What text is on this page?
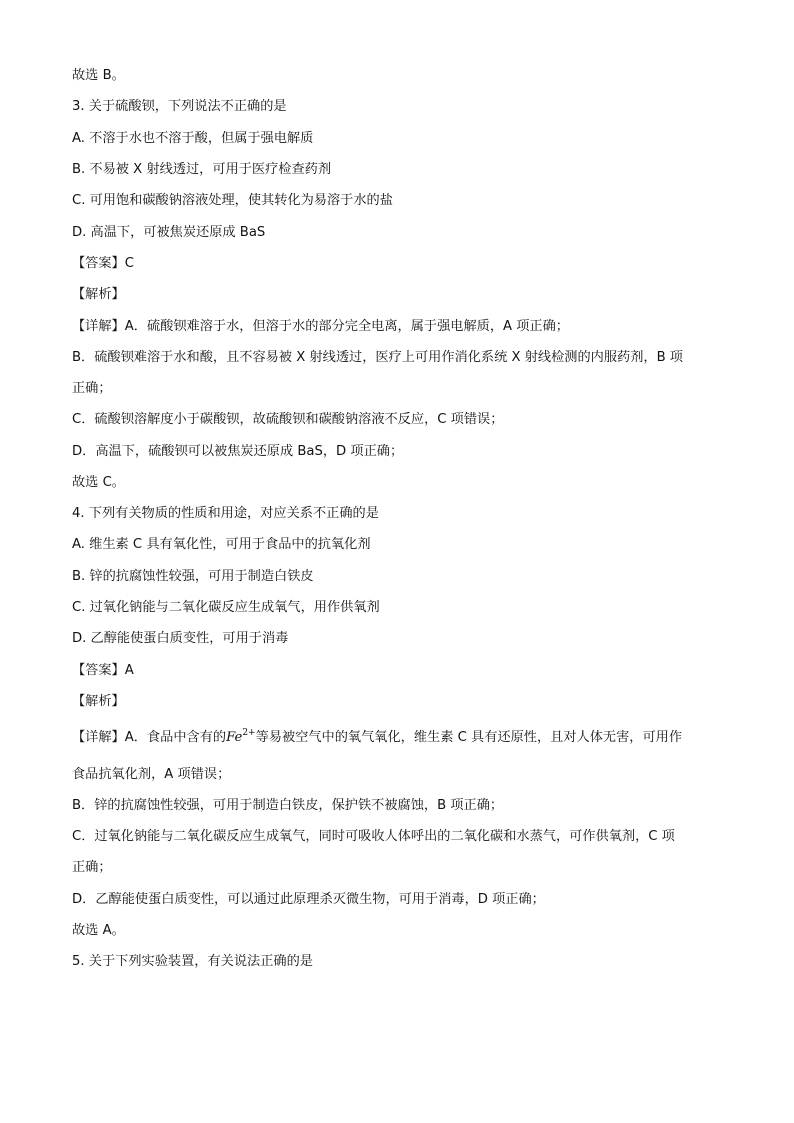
故选 B。
3. 关于硫酸钡，下列说法不正确的是
A. 不溶于水也不溶于酸，但属于强电解质
B. 不易被 X 射线透过，可用于医疗检查药剂
C. 可用饱和碳酸钠溶液处理，使其转化为易溶于水的盐
D. 高温下，可被焦炭还原成 BaS
【答案】C
【解析】
【详解】A．硫酸钡难溶于水，但溶于水的部分完全电离，属于强电解质，A 项正确；
B．硫酸钡难溶于水和酸，且不容易被 X 射线透过，医疗上可用作消化系统 X 射线检测的内服药剂，B 项
正确；
C．硫酸钡溶解度小于碳酸钡，故硫酸钡和碳酸钠溶液不反应，C 项错误；
D．高温下，硫酸钡可以被焦炭还原成 BaS，D 项正确；
故选 C。
4. 下列有关物质的性质和用途，对应关系不正确的是
A. 维生素 C 具有氧化性，可用于食品中的抗氧化剂
B. 锌的抗腐蚀性较强，可用于制造白铁皮
C. 过氧化钠能与二氧化碳反应生成氧气，用作供氧剂
D. 乙醇能使蛋白质变性，可用于消毒
【答案】A
【解析】
【详解】A．食品中含有的$Fe^{2+}$等易被空气中的氧气氧化，维生素 C 具有还原性，且对人体无害，可用作
食品抗氧化剂，A 项错误；
B．锌的抗腐蚀性较强，可用于制造白铁皮，保护铁不被腐蚀，B 项正确；
C．过氧化钠能与二氧化碳反应生成氧气，同时可吸收人体呼出的二氧化碳和水蒸气，可作供氧剂，C 项
正确；
D．乙醇能使蛋白质变性，可以通过此原理杀灭微生物，可用于消毒，D 项正确；
故选 A。
5. 关于下列实验装置，有关说法正确的是
